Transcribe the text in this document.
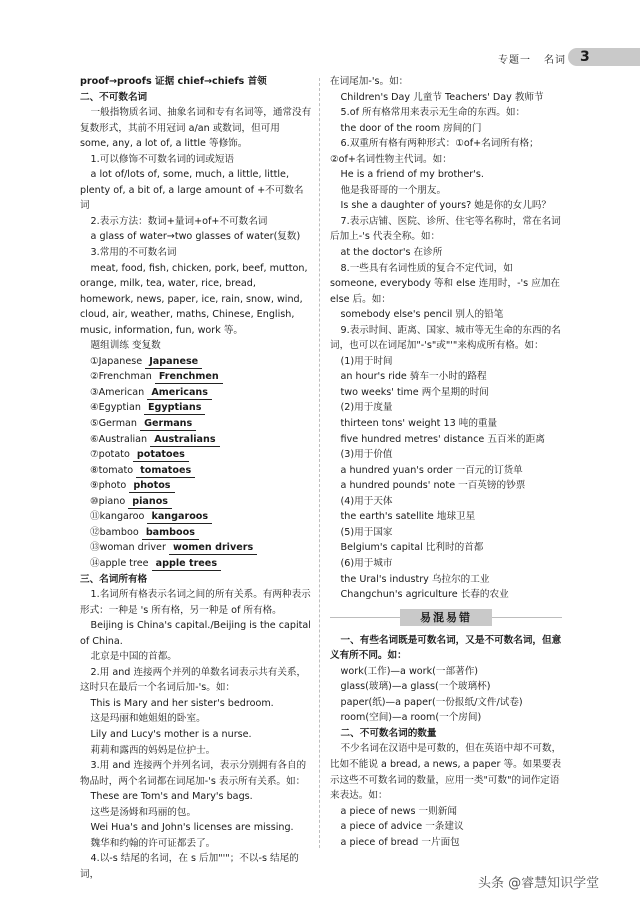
专题一 名词	3

proof→proofs 证据 chief→chiefs 首领

二、不可数名词

一般指物质名词、抽象名词和专有名词等，通常没有复数形式，其前不用冠词 a/an 或数词，但可用 some, any, a lot of, a little 等修饰。

1.可以修饰不可数名词的词或短语

a lot of/lots of, some, much, a little, little, plenty of, a bit of, a large amount of +不可数名词

2.表示方法：数词+量词+of+不可数名词

a glass of water→two glasses of water(复数)

3.常用的不可数名词

meat, food, fish, chicken, pork, beef, mutton, orange, milk, tea, water, rice, bread, homework, news, paper, ice, rain, snow, wind, cloud, air, weather, maths, Chinese, English, music, information, fun, work 等。

题组训练 变复数

①Japanese Japanese

②Frenchman Frenchmen

③American Americans

④Egyptian Egyptians

⑤German Germans

⑥Australian Australians

⑦potato potatoes

⑧tomato tomatoes

⑨photo photos

⑩piano pianos

⑪kangaroo kangaroos

⑫bamboo bamboos

⑬woman driver women drivers

⑭apple tree apple trees

三、名词所有格

1.名词所有格表示名词之间的所有关系。有两种表示形式：一种是 's 所有格，另一种是 of 所有格。

Beijing is China's capital./Beijing is the capital of China.

北京是中国的首都。

2.用 and 连接两个并列的单数名词表示共有关系，这时只在最后一个名词后加-'s。如：

This is Mary and her sister's bedroom.

这是玛丽和她姐姐的卧室。

Lily and Lucy's mother is a nurse.

莉莉和露西的妈妈是位护士。

3.用 and 连接两个并列名词，表示分别拥有各自的物品时，两个名词都在词尾加-'s 表示所有关系。如：

These are Tom's and Mary's bags.

这些是汤姆和玛丽的包。

Wei Hua's and John's licenses are missing.

魏华和约翰的许可证都丢了。

4.以-s 结尾的名词，在 s 后加"'"；不以-s 结尾的词，

在词尾加-'s。如：

Children's Day 儿童节 Teachers' Day 教师节

5.of 所有格常用来表示无生命的东西。如：

the door of the room 房间的门

6.双重所有格有两种形式：①of+名词所有格；②of+名词性物主代词。如：

He is a friend of my brother's.

他是我哥哥的一个朋友。

Is she a daughter of yours? 她是你的女儿吗？

7.表示店铺、医院、诊所、住宅等名称时，常在名词后加上-'s 代表全称。如：

at the doctor's 在诊所

8.一些具有名词性质的复合不定代词，如 someone, everybody 等和 else 连用时，-'s 应加在 else 后。如：

somebody else's pencil 别人的铅笔

9.表示时间、距离、国家、城市等无生命的东西的名词，也可以在词尾加"-'s"或"'"来构成所有格。如：

(1)用于时间

an hour's ride 骑车一小时的路程

two weeks' time 两个星期的时间

(2)用于度量

thirteen tons' weight 13 吨的重量

five hundred metres' distance 五百米的距离

(3)用于价值

a hundred yuan's order 一百元的订货单

a hundred pounds' note 一百英镑的钞票

(4)用于天体

the earth's satellite 地球卫星

(5)用于国家

Belgium's capital 比利时的首都

(6)用于城市

the Ural's industry 乌拉尔的工业

Changchun's agriculture 长春的农业

易混易错

一、有些名词既是可数名词，又是不可数名词，但意义有所不同。如：

work(工作)—a work(一部著作)

glass(玻璃)—a glass(一个玻璃杯)

paper(纸)—a paper(一份报纸/文件/试卷)

room(空间)—a room(一个房间)

二、不可数名词的数量

不少名词在汉语中是可数的，但在英语中却不可数，比如不能说 a bread, a news, a paper 等。如果要表示这些不可数名词的数量，应用一类"可数"的词作定语来表达。如：

a piece of news 一则新闻

a piece of advice 一条建议

a piece of bread 一片面包

头条 @睿慧知识学堂
